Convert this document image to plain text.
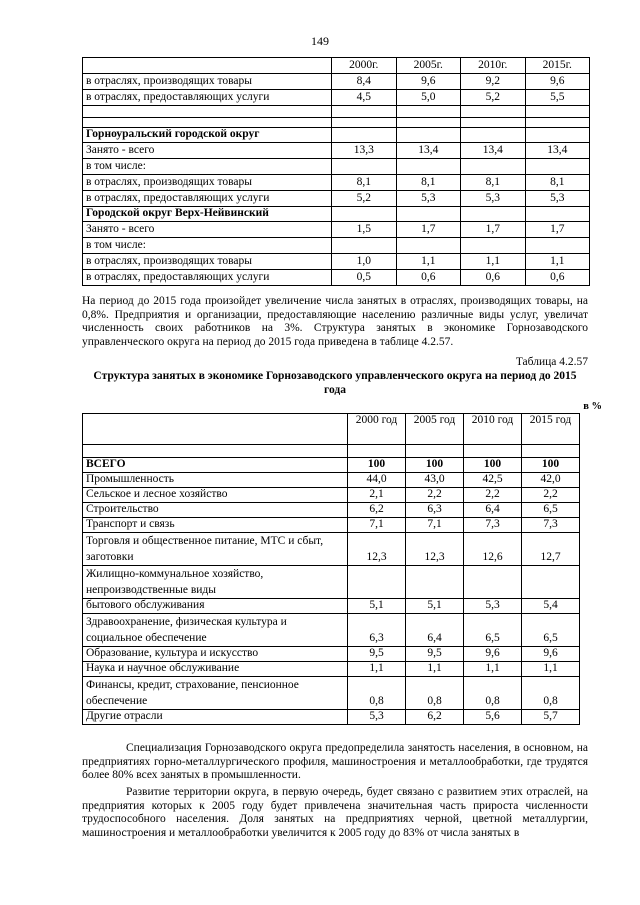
149
	2000г.	2005г.	2010г.	2015г.
в отраслях, производящих товары	8,4	9,6	9,2	9,6
в отраслях, предоставляющих услуги	4,5	5,0	5,2	5,5

Горноуральский городской округ				
Занято - всего	13,3	13,4	13,4	13,4
в том числе:				
в отраслях, производящих товары	8,1	8,1	8,1	8,1
в отраслях, предоставляющих услуги	5,2	5,3	5,3	5,3
Городской округ Верх-Нейвинский				
Занято - всего	1,5	1,7	1,7	1,7
в том числе:				
в отраслях, производящих товары	1,0	1,1	1,1	1,1
в отраслях, предоставляющих услуги	0,5	0,6	0,6	0,6

На период до 2015 года произойдет увеличение числа занятых в отраслях, производящих товары, на 0,8%. Предприятия и организации, предоставляющие населению различные виды услуг, увеличат численность своих работников на 3%. Структура занятых в экономике Горнозаводского управленческого округа на период до 2015 года приведена в таблице 4.2.57.

Таблица 4.2.57
Структура занятых в экономике Горнозаводского управленческого округа на период до 2015 года
в %
	2000 год	2005 год	2010 год	2015 год

ВСЕГО	100	100	100	100
Промышленность	44,0	43,0	42,5	42,0
Сельское и лесное хозяйство	2,1	2,2	2,2	2,2
Строительство	6,2	6,3	6,4	6,5
Транспорт и связь	7,1	7,1	7,3	7,3
Торговля и общественное питание, МТС и сбыт, заготовки	12,3	12,3	12,6	12,7
Жилищно-коммунальное хозяйство, непроизводственные виды				
бытового обслуживания	5,1	5,1	5,3	5,4
Здравоохранение, физическая культура и социальное обеспечение	6,3	6,4	6,5	6,5
Образование, культура и искусство	9,5	9,5	9,6	9,6
Наука и научное обслуживание	1,1	1,1	1,1	1,1
Финансы, кредит, страхование, пенсионное обеспечение	0,8	0,8	0,8	0,8
Другие отрасли	5,3	6,2	5,6	5,7

Специализация Горнозаводского округа предопределила занятость населения, в основном, на предприятиях горно-металлургического профиля, машиностроения и металлообработки, где трудятся более 80% всех занятых в промышленности.

Развитие территории округа, в первую очередь, будет связано с развитием этих отраслей, на предприятия которых к 2005 году будет привлечена значительная часть прироста численности трудоспособного населения. Доля занятых на предприятиях черной, цветной металлургии, машиностроения и металлообработки увеличится к 2005 году до 83% от числа занятых в
